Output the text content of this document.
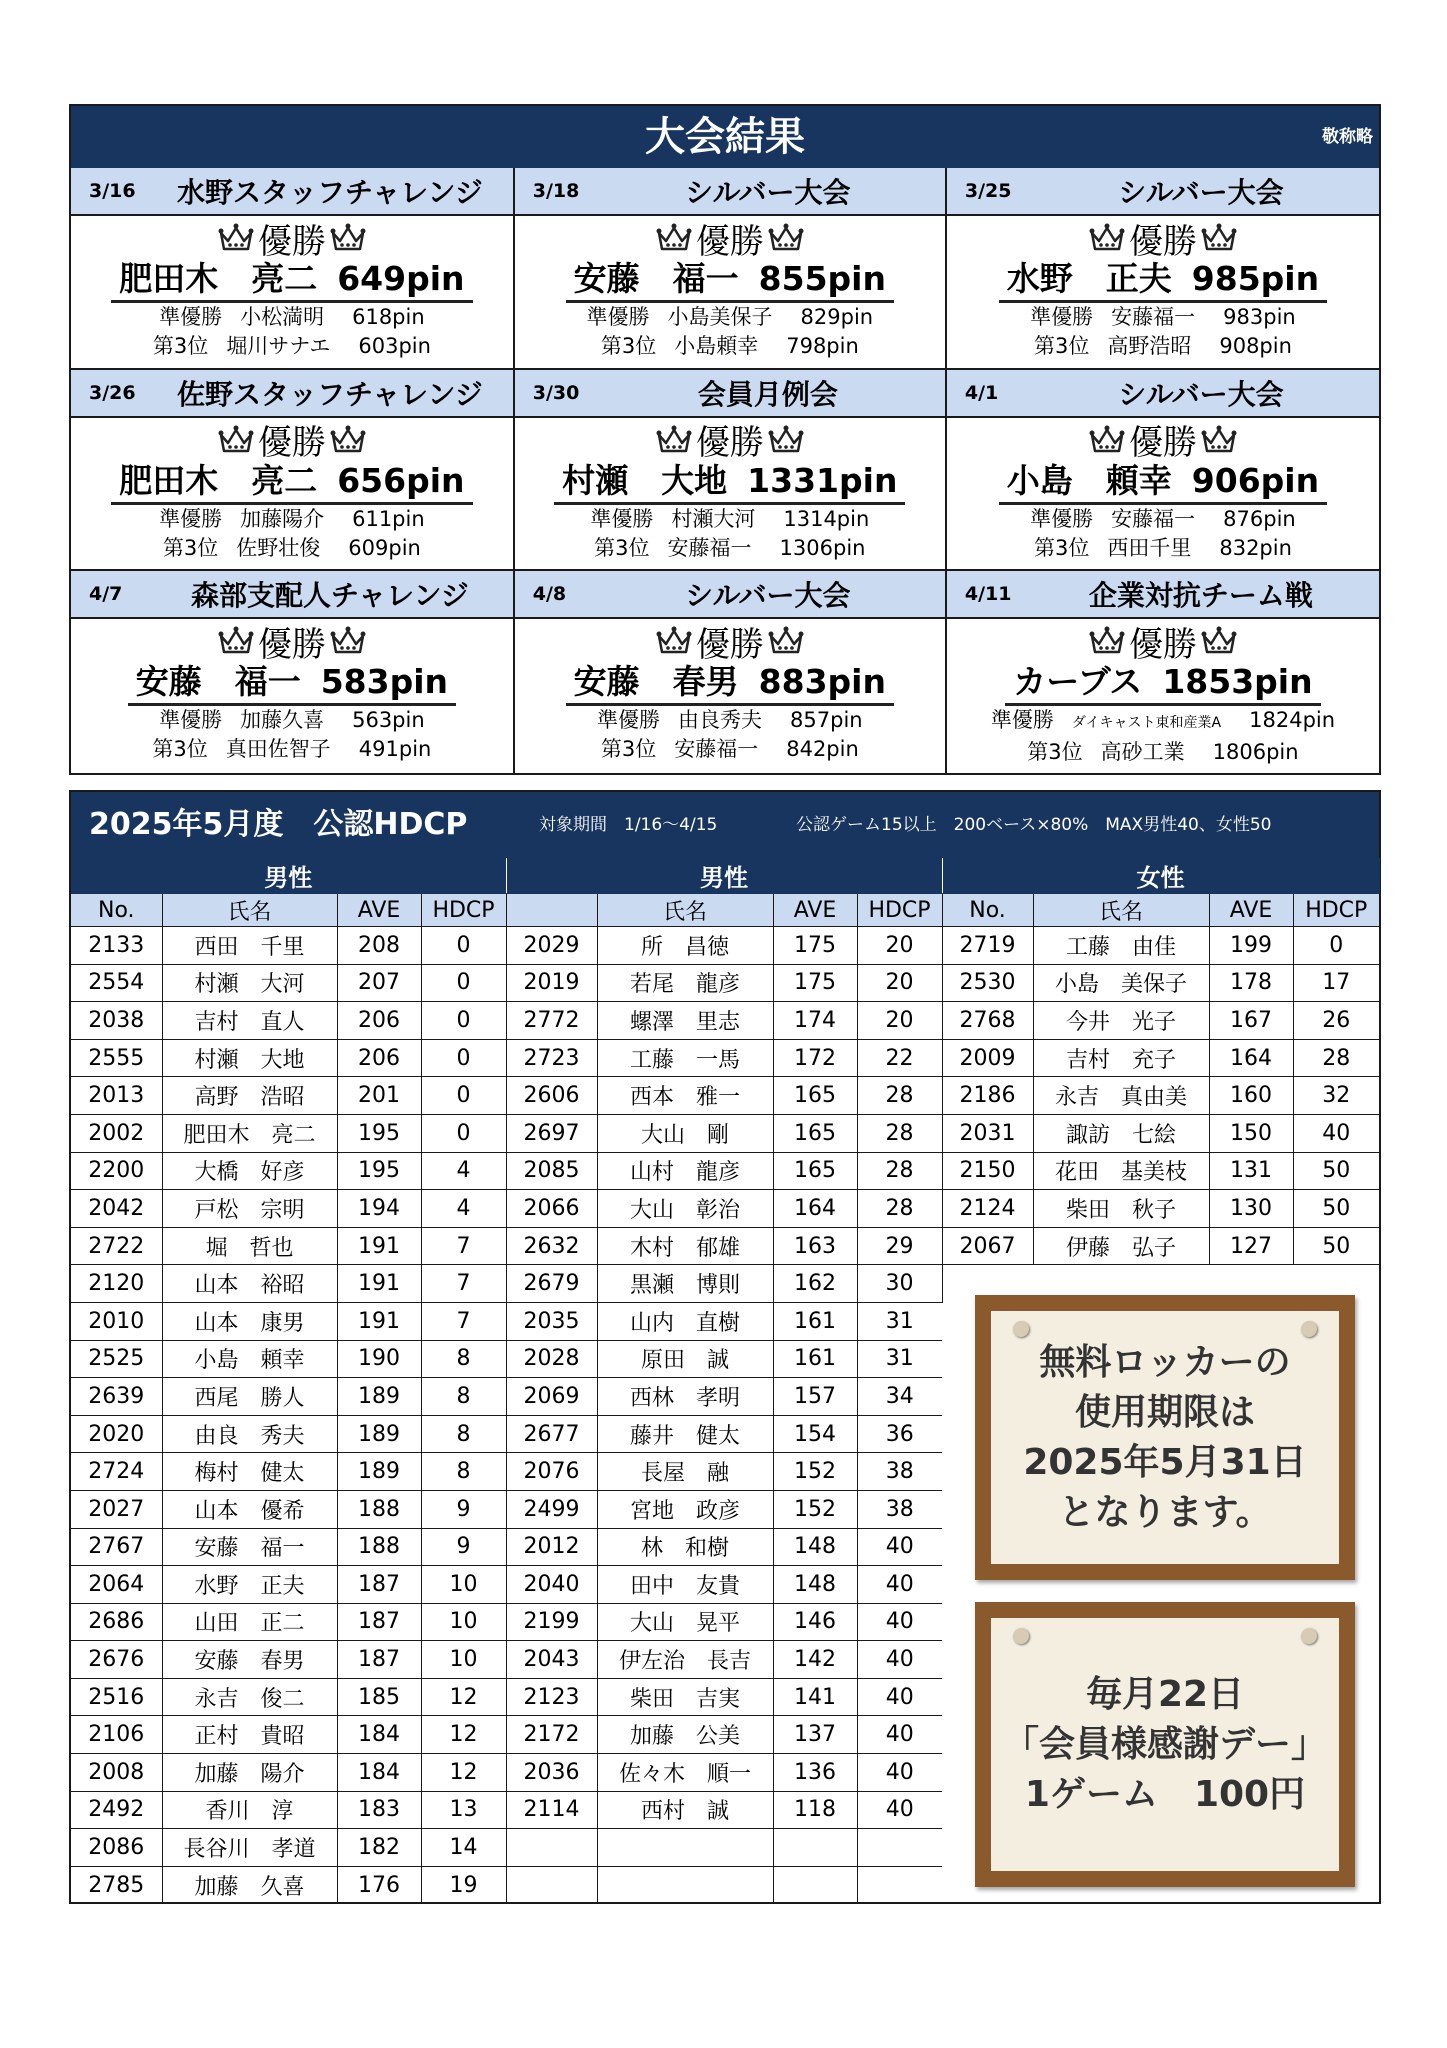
大会結果	敬称略
3/16	水野スタッフチャレンジ
優勝
肥田木　亮二 649pin
準優勝 小松満明 618pin
第3位 堀川サナエ 603pin
3/18	シルバー大会
優勝
安藤　福一 855pin
準優勝 小島美保子 829pin
第3位 小島頼幸 798pin
3/25	シルバー大会
優勝
水野　正夫 985pin
準優勝 安藤福一 983pin
第3位 高野浩昭 908pin
3/26	佐野スタッフチャレンジ
優勝
肥田木　亮二 656pin
準優勝 加藤陽介 611pin
第3位 佐野壮俊 609pin
3/30	会員月例会
優勝
村瀬　大地 1331pin
準優勝 村瀬大河 1314pin
第3位 安藤福一 1306pin
4/1	シルバー大会
優勝
小島　頼幸 906pin
準優勝 安藤福一 876pin
第3位 西田千里 832pin
4/7	森部支配人チャレンジ
優勝
安藤　福一 583pin
準優勝 加藤久喜 563pin
第3位 真田佐智子 491pin
4/8	シルバー大会
優勝
安藤　春男 883pin
準優勝 由良秀夫 857pin
第3位 安藤福一 842pin
4/11	企業対抗チーム戦
優勝
カーブス 1853pin
準優勝 ダイキャスト東和産業A 1824pin
第3位 高砂工業 1806pin
2025年5月度　公認HDCP	対象期間　1/16～4/15	公認ゲーム15以上　200ベース×80%　MAX男性40、女性50
男性				男性				女性			
No.	氏名	AVE	HDCP		氏名	AVE	HDCP	No.	氏名	AVE	HDCP
2133	西田　千里	208	0	2029	所　昌徳	175	20	2719	工藤　由佳	199	0
2554	村瀬　大河	207	0	2019	若尾　龍彦	175	20	2530	小島　美保子	178	17
2038	吉村　直人	206	0	2772	螺澤　里志	174	20	2768	今井　光子	167	26
2555	村瀬　大地	206	0	2723	工藤　一馬	172	22	2009	吉村　充子	164	28
2013	高野　浩昭	201	0	2606	西本　雅一	165	28	2186	永吉　真由美	160	32
2002	肥田木　亮二	195	0	2697	大山　剛	165	28	2031	諏訪　七絵	150	40
2200	大橋　好彦	195	4	2085	山村　龍彦	165	28	2150	花田　基美枝	131	50
2042	戸松　宗明	194	4	2066	大山　彰治	164	28	2124	柴田　秋子	130	50
2722	堀　哲也	191	7	2632	木村　郁雄	163	29	2067	伊藤　弘子	127	50
2120	山本　裕昭	191	7	2679	黒瀬　博則	162	30				
2010	山本　康男	191	7	2035	山内　直樹	161	31				
2525	小島　頼幸	190	8	2028	原田　誠	161	31				
2639	西尾　勝人	189	8	2069	西林　孝明	157	34				
2020	由良　秀夫	189	8	2677	藤井　健太	154	36				
2724	梅村　健太	189	8	2076	長屋　融	152	38				
2027	山本　優希	188	9	2499	宮地　政彦	152	38				
2767	安藤　福一	188	9	2012	林　和樹	148	40				
2064	水野　正夫	187	10	2040	田中　友貴	148	40				
2686	山田　正二	187	10	2199	大山　晃平	146	40				
2676	安藤　春男	187	10	2043	伊左治　長吉	142	40				
2516	永吉　俊二	185	12	2123	柴田　吉実	141	40				
2106	正村　貴昭	184	12	2172	加藤　公美	137	40				
2008	加藤　陽介	184	12	2036	佐々木　順一	136	40				
2492	香川　淳	183	13	2114	西村　誠	118	40				
2086	長谷川　孝道	182	14								
2785	加藤　久喜	176	19								
無料ロッカーの
使用期限は
2025年5月31日
となります。
毎月22日
「会員様感謝デー」
1ゲーム　100円
